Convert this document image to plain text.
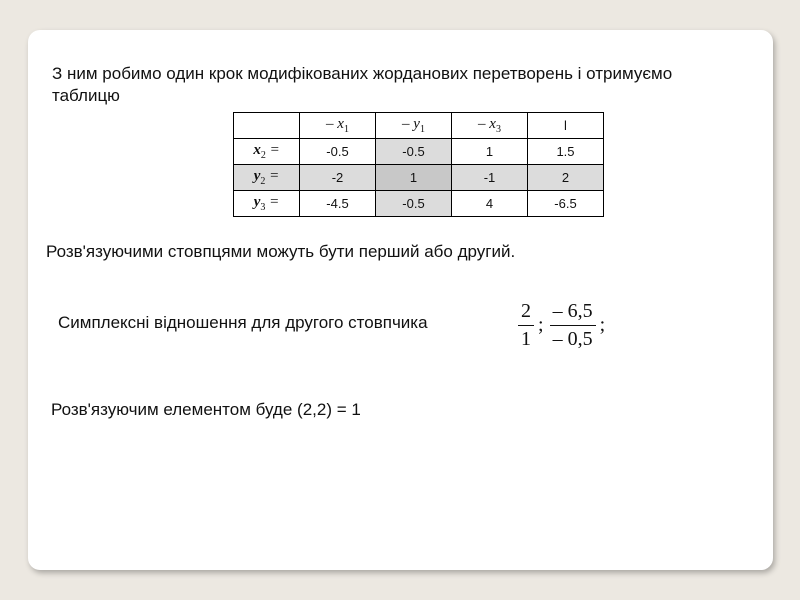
З ним робимо один крок модифікованих жорданових перетворень і отримуємо таблицю
	– $x_1$	– $y_1$	– $x_3$	l
$x_2$ =	-0.5	-0.5	1	1.5
$y_2$ =	-2	1	-1	2
$y_3$ =	-4.5	-0.5	4	-6.5
Розв'язуючими стовпцями можуть бути перший або другий.
Симплексні відношення для другого стовпчика	$\frac{2}{1}$ ; $\frac{- 6,5}{- 0,5}$ ;
Розв'язуючим елементом буде (2,2) = 1
